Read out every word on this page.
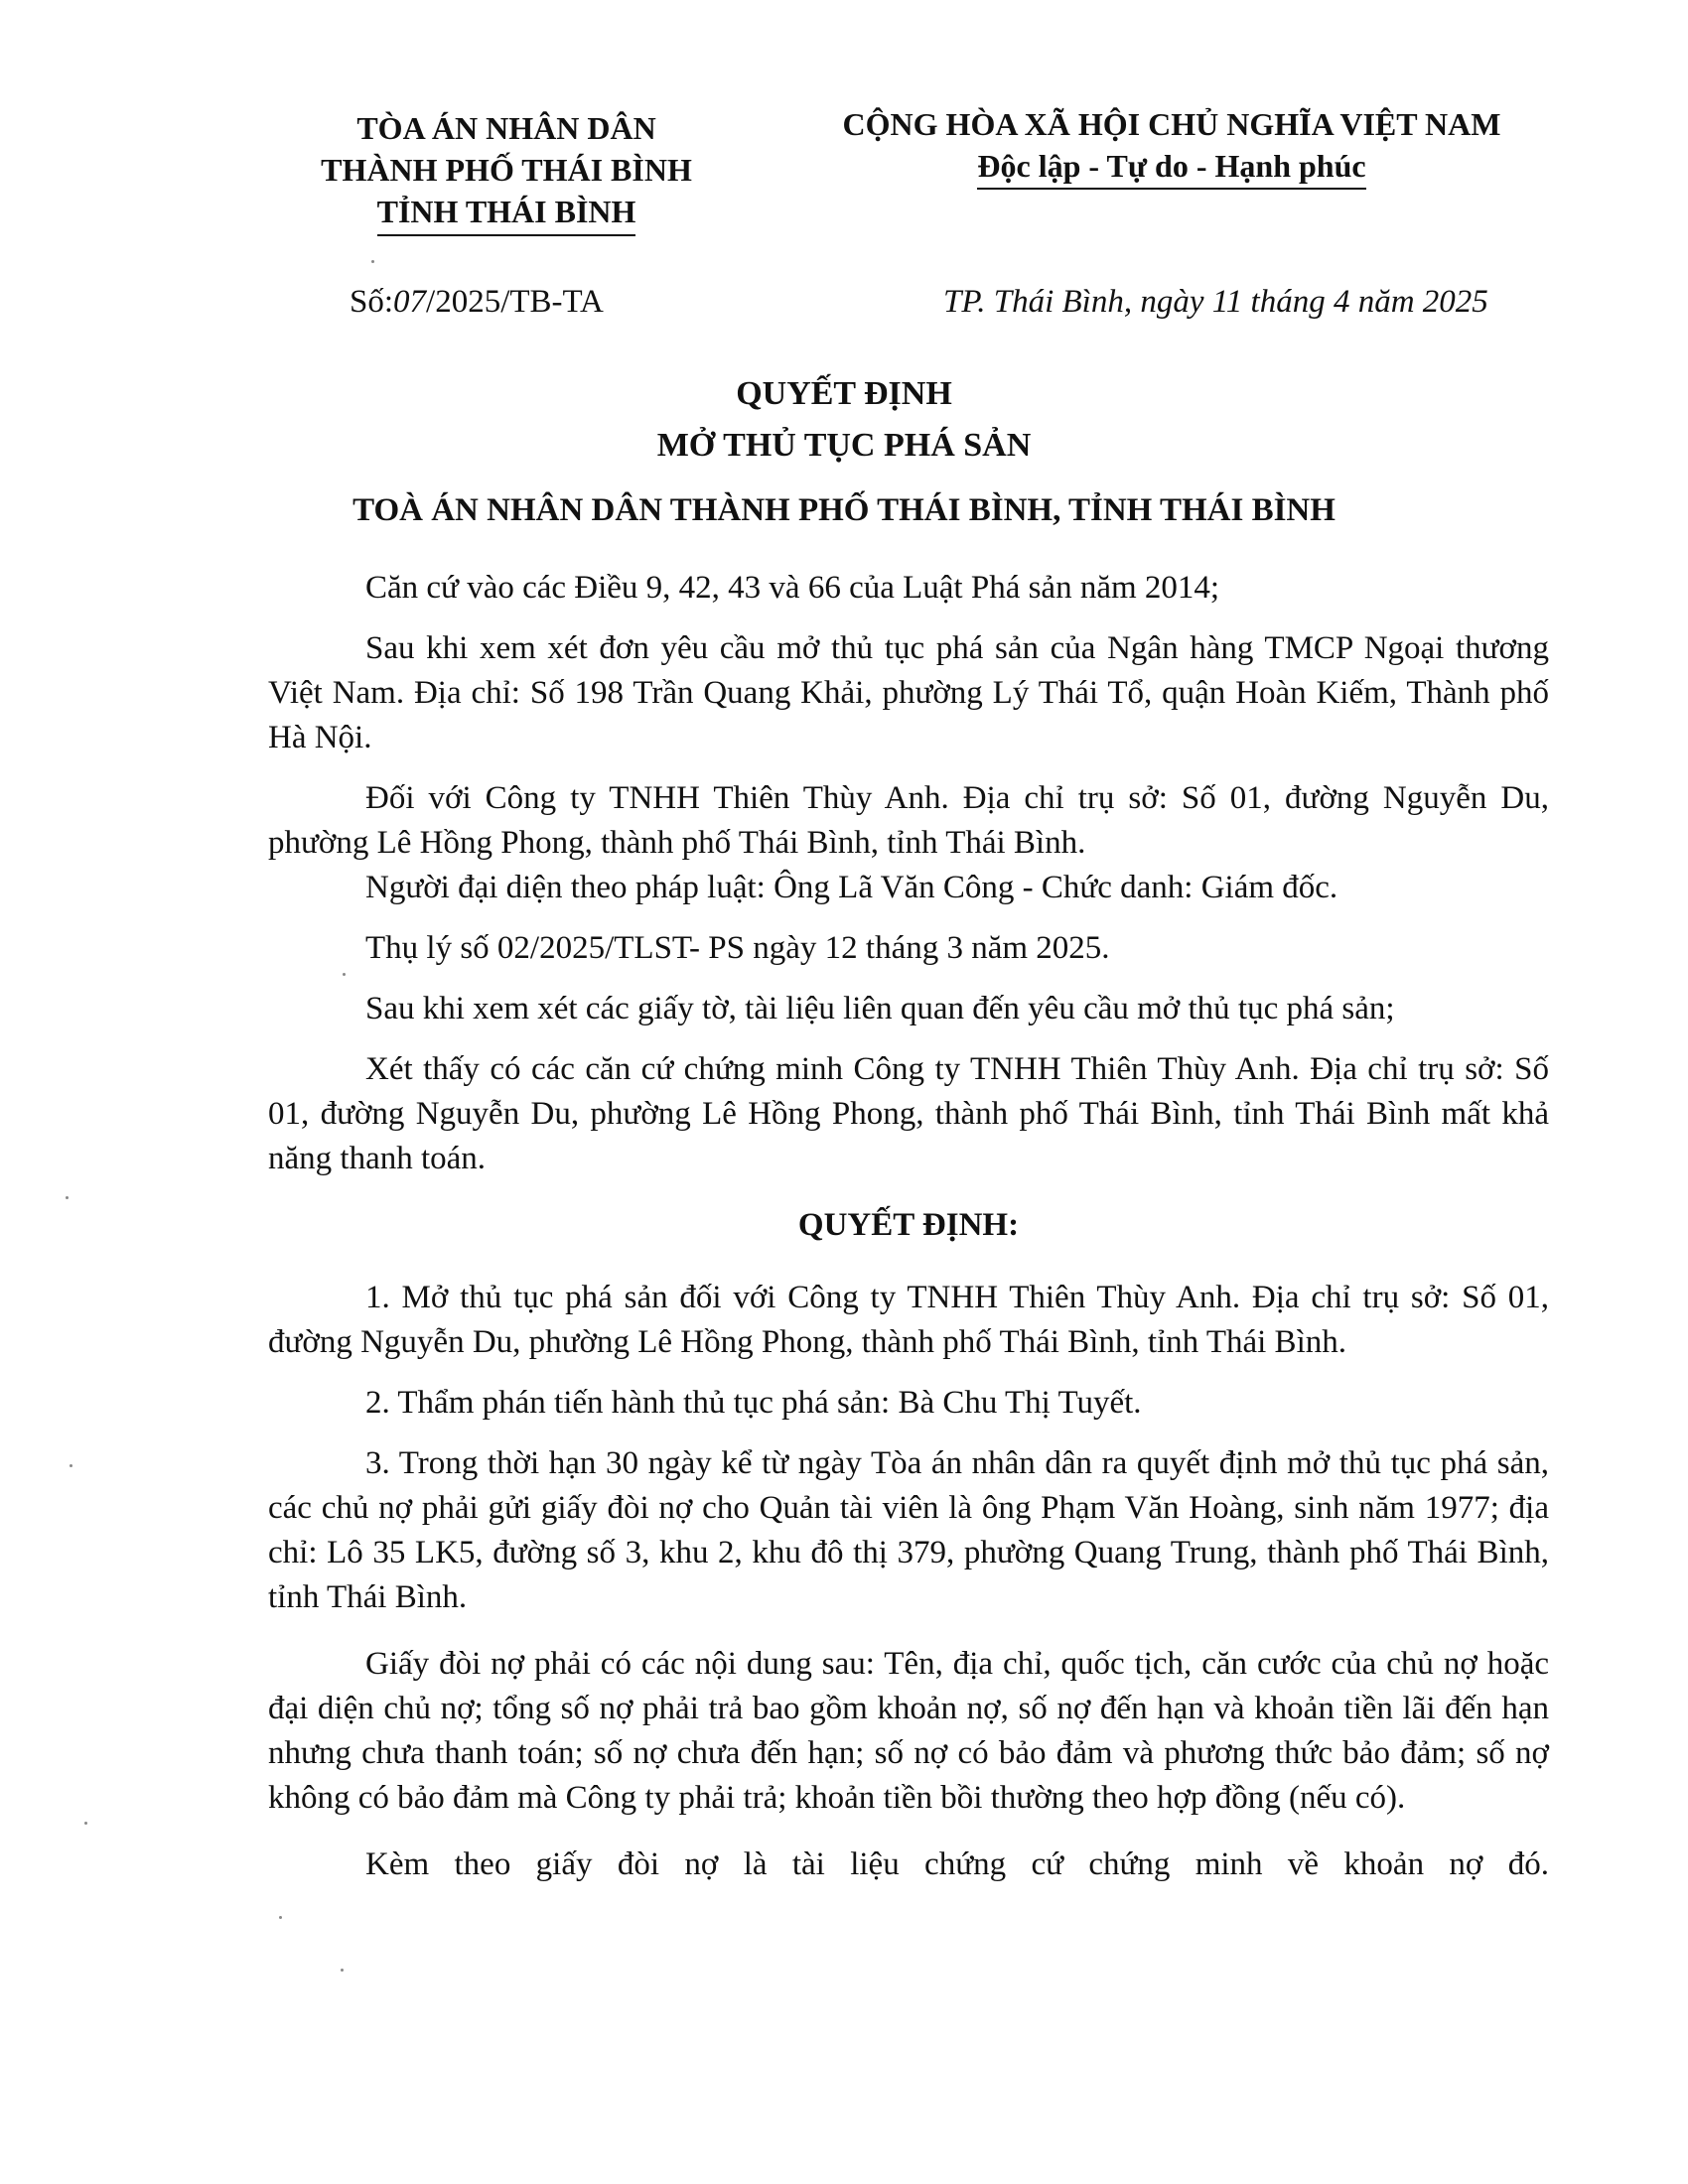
TÒA ÁN NHÂN DÂN
THÀNH PHỐ THÁI BÌNH
TỈNH THÁI BÌNH
CỘNG HÒA XÃ HỘI CHỦ NGHĨA VIỆT NAM
Độc lập - Tự do - Hạnh phúc
Số:07/2025/TB-TA	TP. Thái Bình, ngày 11 tháng 4 năm 2025
QUYẾT ĐỊNH
MỞ THỦ TỤC PHÁ SẢN
TOÀ ÁN NHÂN DÂN THÀNH PHỐ THÁI BÌNH, TỈNH THÁI BÌNH

Căn cứ vào các Điều 9, 42, 43 và 66 của Luật Phá sản năm 2014;

Sau khi xem xét đơn yêu cầu mở thủ tục phá sản của Ngân hàng TMCP Ngoại thương Việt Nam. Địa chỉ: Số 198 Trần Quang Khải, phường Lý Thái Tổ, quận Hoàn Kiếm, Thành phố Hà Nội.

Đối với Công ty TNHH Thiên Thùy Anh. Địa chỉ trụ sở: Số 01, đường Nguyễn Du, phường Lê Hồng Phong, thành phố Thái Bình, tỉnh Thái Bình.

Người đại diện theo pháp luật: Ông Lã Văn Công - Chức danh: Giám đốc.

Thụ lý số 02/2025/TLST- PS ngày 12 tháng 3 năm 2025.

Sau khi xem xét các giấy tờ, tài liệu liên quan đến yêu cầu mở thủ tục phá sản;

Xét thấy có các căn cứ chứng minh Công ty TNHH Thiên Thùy Anh. Địa chỉ trụ sở: Số 01, đường Nguyễn Du, phường Lê Hồng Phong, thành phố Thái Bình, tỉnh Thái Bình mất khả năng thanh toán.

QUYẾT ĐỊNH:

1. Mở thủ tục phá sản đối với Công ty TNHH Thiên Thùy Anh. Địa chỉ trụ sở: Số 01, đường Nguyễn Du, phường Lê Hồng Phong, thành phố Thái Bình, tỉnh Thái Bình.

2. Thẩm phán tiến hành thủ tục phá sản: Bà Chu Thị Tuyết.

3. Trong thời hạn 30 ngày kể từ ngày Tòa án nhân dân ra quyết định mở thủ tục phá sản, các chủ nợ phải gửi giấy đòi nợ cho Quản tài viên là ông Phạm Văn Hoàng, sinh năm 1977; địa chỉ: Lô 35 LK5, đường số 3, khu 2, khu đô thị 379, phường Quang Trung, thành phố Thái Bình, tỉnh Thái Bình.

Giấy đòi nợ phải có các nội dung sau: Tên, địa chỉ, quốc tịch, căn cước của chủ nợ hoặc đại diện chủ nợ; tổng số nợ phải trả bao gồm khoản nợ, số nợ đến hạn và khoản tiền lãi đến hạn nhưng chưa thanh toán; số nợ chưa đến hạn; số nợ có bảo đảm và phương thức bảo đảm; số nợ không có bảo đảm mà Công ty phải trả; khoản tiền bồi thường theo hợp đồng (nếu có).

Kèm theo giấy đòi nợ là tài liệu chứng cứ chứng minh về khoản nợ đó.
